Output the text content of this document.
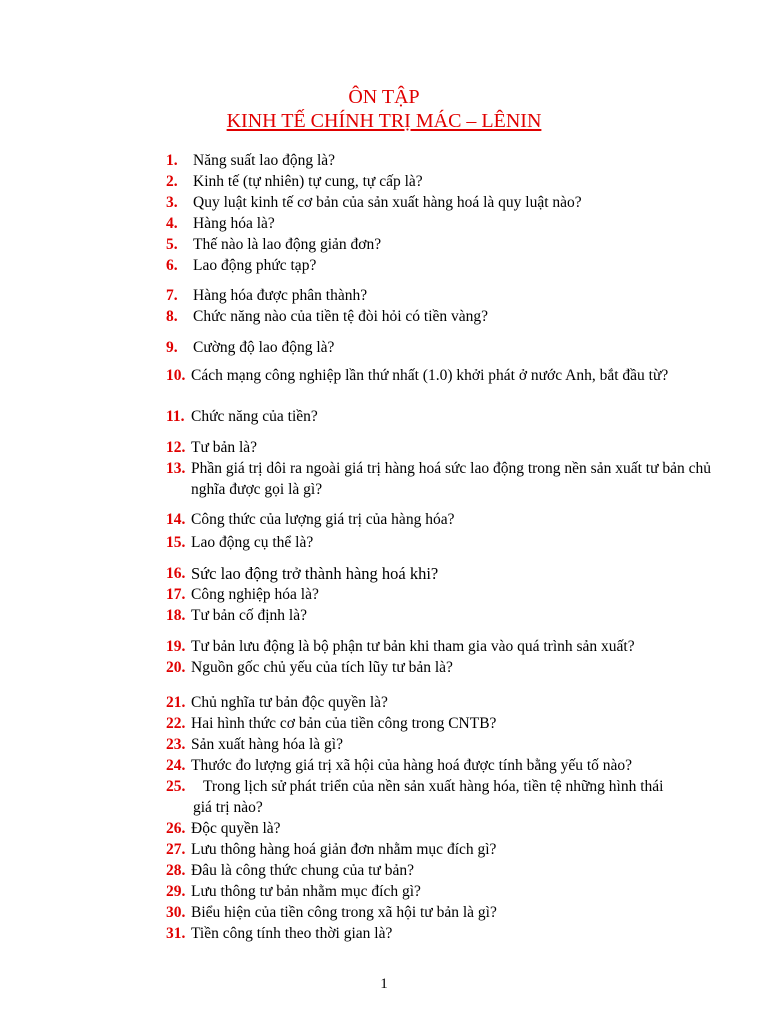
ÔN TẬP
KINH TẾ CHÍNH TRỊ MÁC – LÊNIN
1. Năng suất lao động là?
2. Kinh tế (tự nhiên) tự cung, tự cấp là?
3. Quy luật kinh tế cơ bản của sản xuất hàng hoá là quy luật nào?
4. Hàng hóa là?
5. Thế nào là lao động giản đơn?
6. Lao động phức tạp?
7. Hàng hóa được phân thành?
8. Chức năng nào của tiền tệ đòi hỏi có tiền vàng?
9. Cường độ lao động là?
10. Cách mạng công nghiệp lần thứ nhất (1.0) khởi phát ở nước Anh, bắt đầu từ?
11. Chức năng của tiền?
12. Tư bản là?
13. Phần giá trị dôi ra ngoài giá trị hàng hoá sức lao động trong nền sản xuất tư bản chủ nghĩa được gọi là gì?
14. Công thức của lượng giá trị của hàng hóa?
15. Lao động cụ thể là?
16. Sức lao động trở thành hàng hoá khi?
17. Công nghiệp hóa là?
18. Tư bản cố định là?
19. Tư bản lưu động là bộ phận tư bản khi tham gia vào quá trình sản xuất?
20. Nguồn gốc chủ yếu của tích lũy tư bản là?
21. Chủ nghĩa tư bản độc quyền là?
22. Hai hình thức cơ bản của tiền công trong CNTB?
23. Sản xuất hàng hóa là gì?
24. Thước đo lượng giá trị xã hội của hàng hoá được tính bằng yếu tố nào?
25.	Trong lịch sử phát triển của nền sản xuất hàng hóa, tiền tệ những hình thái
giá trị nào?
26. Độc quyền là?
27. Lưu thông hàng hoá giản đơn nhằm mục đích gì?
28. Đâu là công thức chung của tư bản?
29. Lưu thông tư bản nhằm mục đích gì?
30. Biểu hiện của tiền công trong xã hội tư bản là gì?
31. Tiền công tính theo thời gian là?
1
